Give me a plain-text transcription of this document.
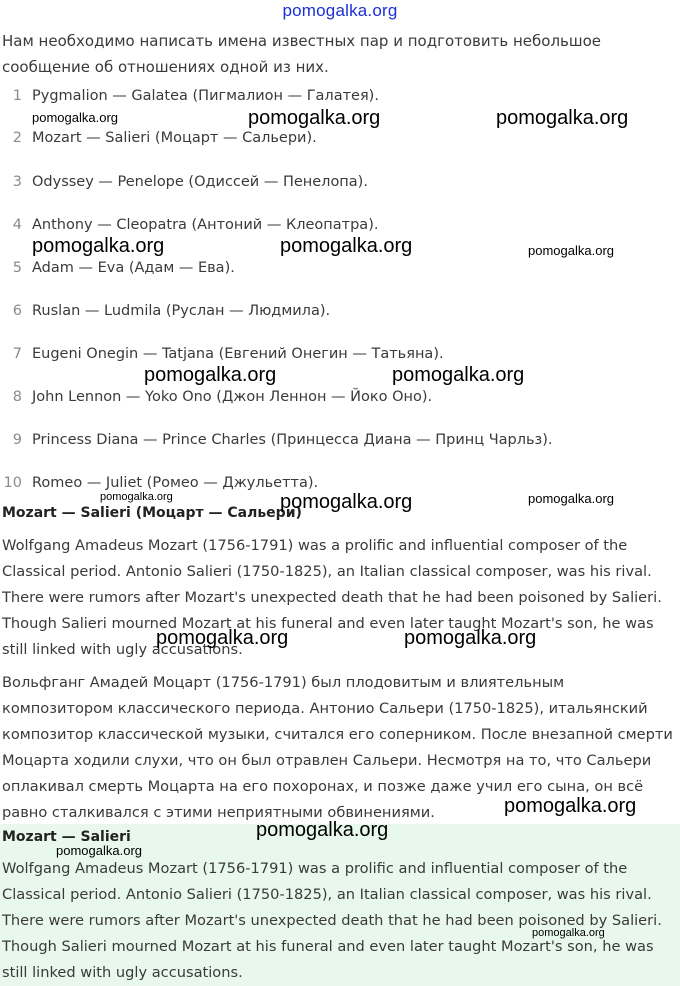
pomogalka.org
Нам необходимо написать имена известных пар и подготовить небольшое сообщение об отношениях одной из них.
1 Pygmalion — Galatea (Пигмалион — Галатея).
2 Mozart — Salieri (Моцарт — Сальери).
3 Odyssey — Penelope (Одиссей — Пенелопа).
4 Anthony — Cleopatra (Антоний — Клеопатра).
5 Adam — Eva (Адам — Ева).
6 Ruslan — Ludmila (Руслан — Людмила).
7 Eugeni Onegin — Tatjana (Евгений Онегин — Татьяна).
8 John Lennon — Yoko Ono (Джон Леннон — Йоко Оно).
9 Princess Diana — Prince Charles (Принцесса Диана — Принц Чарльз).
10 Romeo — Juliet (Ромео — Джульетта).
Mozart — Salieri (Моцарт — Сальери)
Wolfgang Amadeus Mozart (1756-1791) was a prolific and influential composer of the Classical period. Antonio Salieri (1750-1825), an Italian classical composer, was his rival. There were rumors after Mozart's unexpected death that he had been poisoned by Salieri. Though Salieri mourned Mozart at his funeral and even later taught Mozart's son, he was still linked with ugly accusations.
Вольфганг Амадей Моцарт (1756-1791) был плодовитым и влиятельным композитором классического периода. Антонио Сальери (1750-1825), итальянский композитор классической музыки, считался его соперником. После внезапной смерти Моцарта ходили слухи, что он был отравлен Сальери. Несмотря на то, что Сальери оплакивал смерть Моцарта на его похоронах, и позже даже учил его сына, он всё равно сталкивался с этими неприятными обвинениями.
Mozart — Salieri
Wolfgang Amadeus Mozart (1756-1791) was a prolific and influential composer of the Classical period. Antonio Salieri (1750-1825), an Italian classical composer, was his rival. There were rumors after Mozart's unexpected death that he had been poisoned by Salieri. Though Salieri mourned Mozart at his funeral and even later taught Mozart's son, he was still linked with ugly accusations.
pomogalka.org	pomogalka.org	pomogalka.org
pomogalka.org	pomogalka.org	pomogalka.org
pomogalka.org	pomogalka.org
pomogalka.org	pomogalka.org	pomogalka.org
pomogalka.org	pomogalka.org
pomogalka.org
pomogalka.org
pomogalka.org
pomogalka.org
